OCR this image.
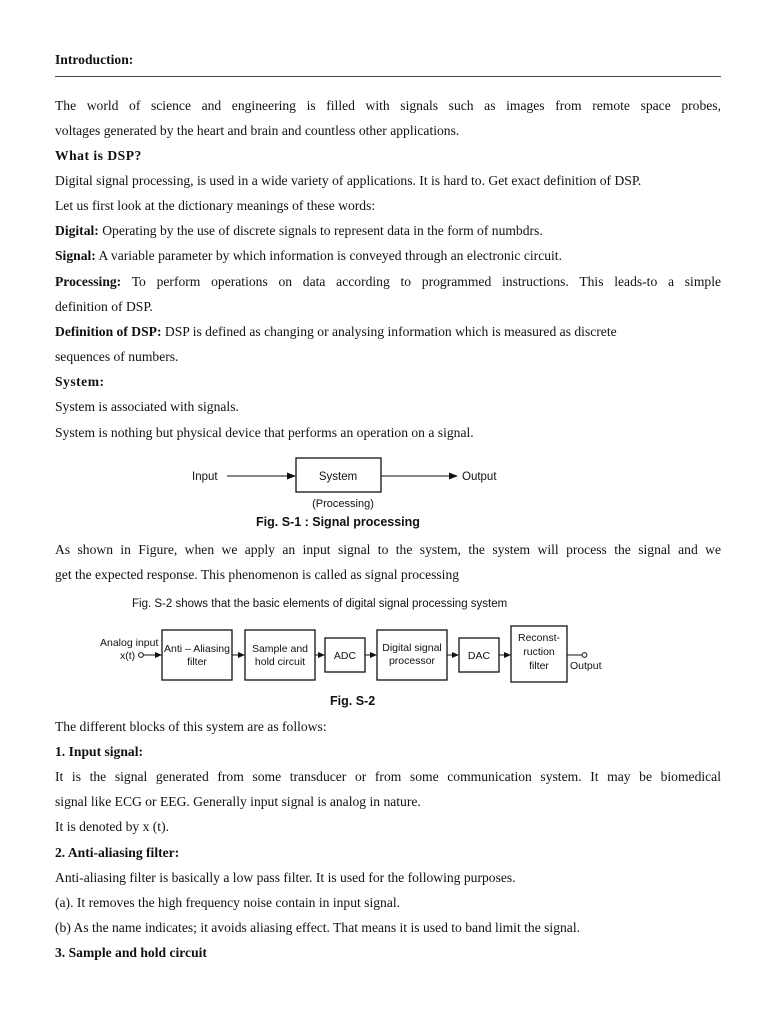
Introduction:
The world of science and engineering is filled with signals such as images from remote space probes,
voltages generated by the heart and brain and countless other applications.
What is DSP?
Digital signal processing, is used in a wide variety of applications. It is hard to. Get exact definition of DSP.
Let us first look at the dictionary meanings of these words:
Digital: Operating by the use of discrete signals to represent data in the form of numbdrs.
Signal: A variable parameter by which information is conveyed through an electronic circuit.
Processing: To perform operations on data according to programmed instructions. This leads-to a simple
definition of DSP.
Definition of DSP: DSP is defined as changing or analysing information which is measured as discrete
sequences of numbers.
System:
System is associated with signals.
System is nothing but physical device that performs an operation on a signal.
Input	System	Output
(Processing)
Fig. S-1 : Signal processing
As shown in Figure, when we apply an input signal to the system, the system will process the signal and we
get the expected response. This phenomenon is called as signal processing
Fig. S-2 shows that the basic elements of digital signal processing system
Analog input
x(t)
Anti – Aliasing
filter
Sample and
hold circuit	ADC
Digital signal
processor	DAC
Reconst-
ruction
filter Output
Fig. S-2
The different blocks of this system are as follows:
1. Input signal:
It is the signal generated from some transducer or from some communication system. It may be biomedical
signal like ECG or EEG. Generally input signal is analog in nature.
It is denoted by x (t).
2. Anti-aliasing filter:
Anti-aliasing filter is basically a low pass filter. It is used for the following purposes.
(a). It removes the high frequency noise contain in input signal.
(b) As the name indicates; it avoids aliasing effect. That means it is used to band limit the signal.
3. Sample and hold circuit
